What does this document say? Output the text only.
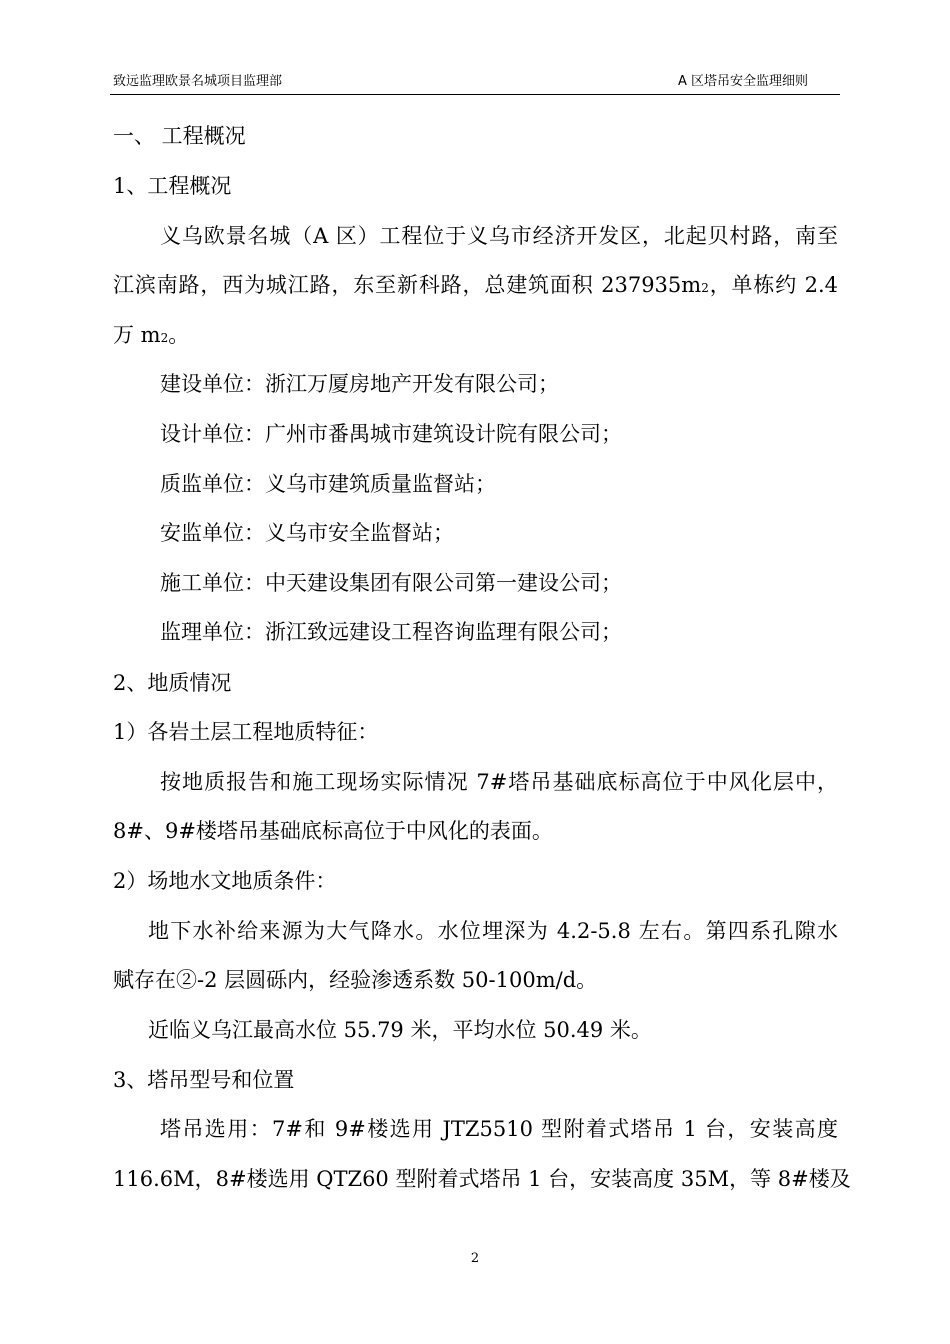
致远监理欧景名城项目监理部	A 区塔吊安全监理细则
一、 工程概况
1、工程概况
义乌欧景名城（A 区）工程位于义乌市经济开发区，北起贝村路，南至
江滨南路，西为城江路，东至新科路，总建筑面积 237935m2，单栋约 2.4
万 m2。
建设单位：浙江万厦房地产开发有限公司；
设计单位：广州市番禺城市建筑设计院有限公司；
质监单位：义乌市建筑质量监督站；
安监单位：义乌市安全监督站；
施工单位：中天建设集团有限公司第一建设公司；
监理单位：浙江致远建设工程咨询监理有限公司；
2、地质情况
1）各岩土层工程地质特征：
按地质报告和施工现场实际情况 7#塔吊基础底标高位于中风化层中，
8#、9#楼塔吊基础底标高位于中风化的表面。
2）场地水文地质条件：
地下水补给来源为大气降水。水位埋深为 4.2-5.8 左右。第四系孔隙水
赋存在②-2 层圆砾内，经验渗透系数 50-100m/d。
近临义乌江最高水位 55.79 米，平均水位 50.49 米。
3、塔吊型号和位置
塔吊选用：7#和 9#楼选用 JTZ5510 型附着式塔吊 1 台，安装高度
116.6M，8#楼选用 QTZ60 型附着式塔吊 1 台，安装高度 35M，等 8#楼及
2
